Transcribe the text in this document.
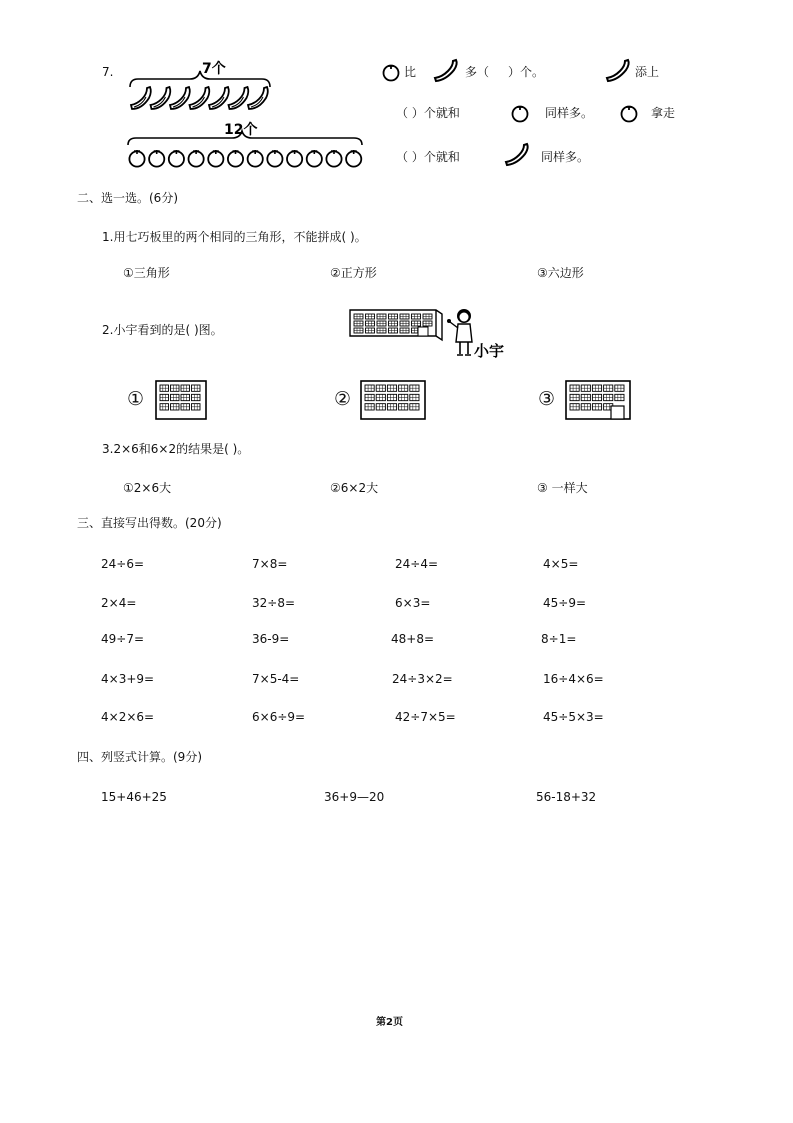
7.	7个
12个
比	多（ ）个。	添上
（ ）个就和	同样多。	拿走
（ ）个就和	同样多。
二、选一选。(6分)
1.用七巧板里的两个相同的三角形，不能拼成( )。
①三角形	②正方形	③六边形
2.小宇看到的是( )图。
小宇
①	②	③
3.2×6和6×2的结果是( )。
①2×6大	②6×2大	③ 一样大
三、直接写出得数。(20分)
24÷6=	7×8=	24÷4=	4×5=
2×4=	32÷8=	6×3=	45÷9=
49÷7=	36-9=	48+8=	8÷1=
4×3+9=	7×5-4=	24÷3×2=	16÷4×6=
4×2×6=	6×6÷9=	42÷7×5=	45÷5×3=
四、列竖式计算。(9分)
15+46+25	36+9—20	56-18+32
第2页
